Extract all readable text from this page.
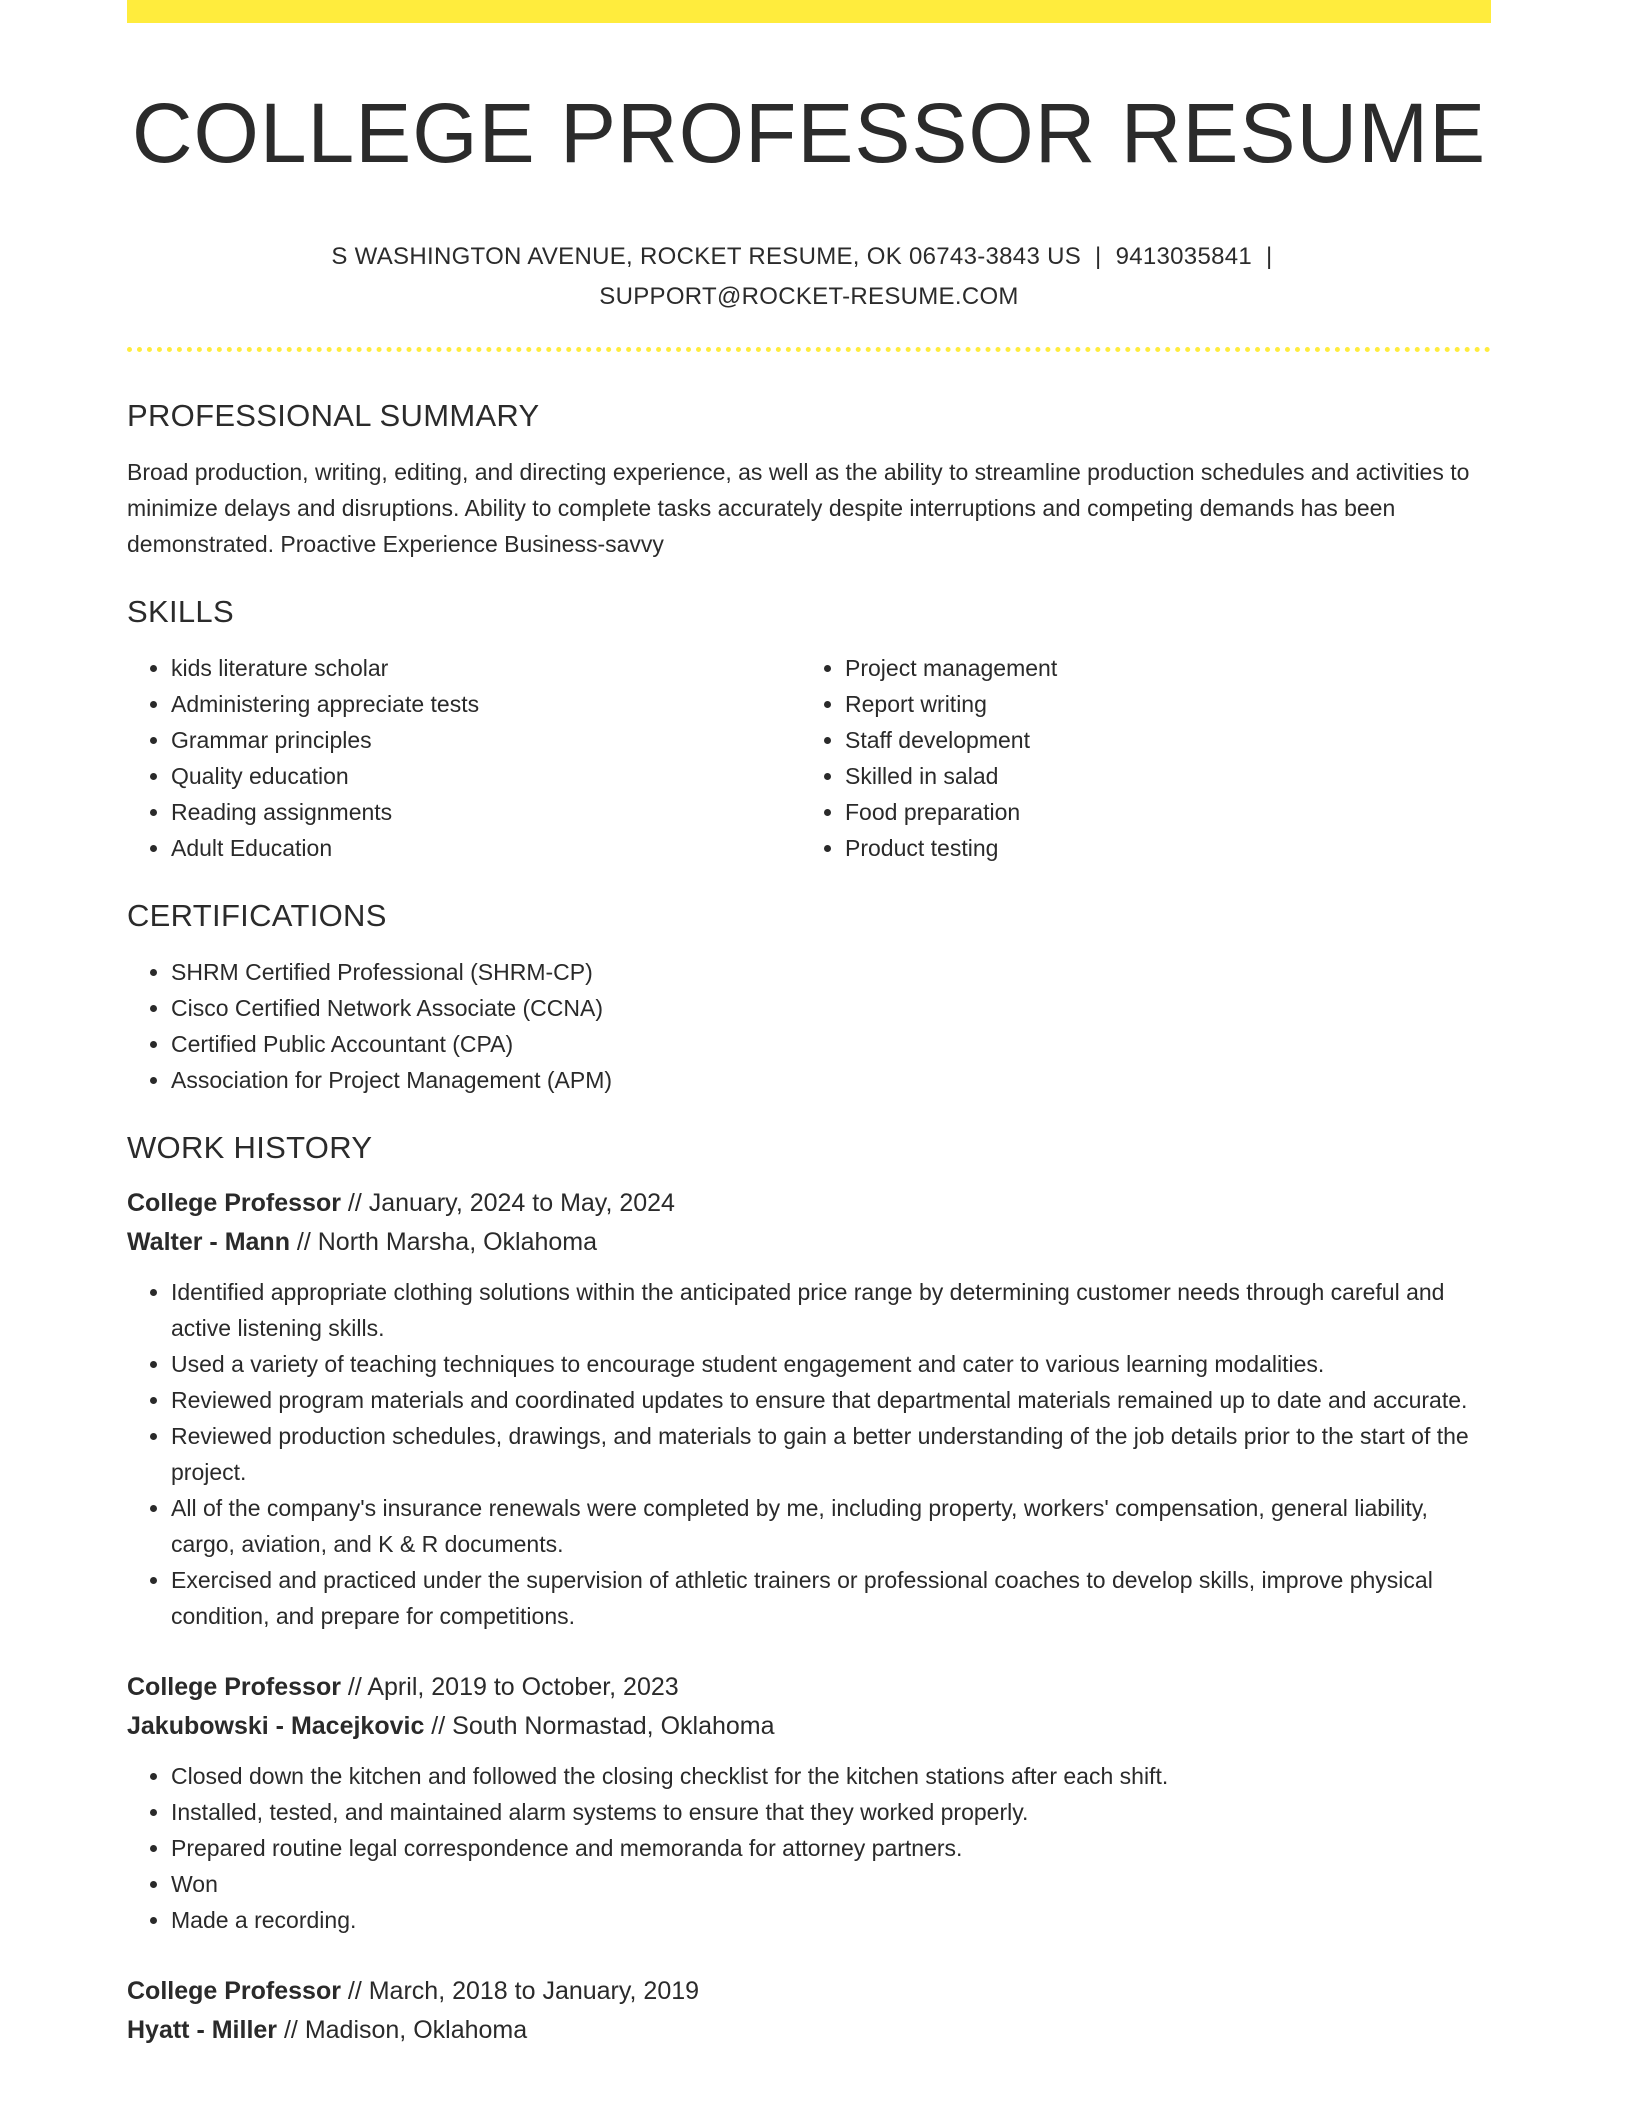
COLLEGE PROFESSOR RESUME
S WASHINGTON AVENUE, ROCKET RESUME, OK 06743-3843 US | 9413035841 |
SUPPORT@ROCKET-RESUME.COM
PROFESSIONAL SUMMARY
Broad production, writing, editing, and directing experience, as well as the ability to streamline production schedules and activities to minimize delays and disruptions. Ability to complete tasks accurately despite interruptions and competing demands has been demonstrated. Proactive Experience Business-savvy
SKILLS
• kids literature scholar
• Administering appreciate tests
• Grammar principles
• Quality education
• Reading assignments
• Adult Education
• Project management
• Report writing
• Staff development
• Skilled in salad
• Food preparation
• Product testing
CERTIFICATIONS
• SHRM Certified Professional (SHRM-CP)
• Cisco Certified Network Associate (CCNA)
• Certified Public Accountant (CPA)
• Association for Project Management (APM)
WORK HISTORY
College Professor // January, 2024 to May, 2024
Walter - Mann // North Marsha, Oklahoma
• Identified appropriate clothing solutions within the anticipated price range by determining customer needs through careful and active listening skills.
• Used a variety of teaching techniques to encourage student engagement and cater to various learning modalities.
• Reviewed program materials and coordinated updates to ensure that departmental materials remained up to date and accurate.
• Reviewed production schedules, drawings, and materials to gain a better understanding of the job details prior to the start of the project.
• All of the company's insurance renewals were completed by me, including property, workers' compensation, general liability, cargo, aviation, and K & R documents.
• Exercised and practiced under the supervision of athletic trainers or professional coaches to develop skills, improve physical condition, and prepare for competitions.
College Professor // April, 2019 to October, 2023
Jakubowski - Macejkovic // South Normastad, Oklahoma
• Closed down the kitchen and followed the closing checklist for the kitchen stations after each shift.
• Installed, tested, and maintained alarm systems to ensure that they worked properly.
• Prepared routine legal correspondence and memoranda for attorney partners.
• Won
• Made a recording.
College Professor // March, 2018 to January, 2019
Hyatt - Miller // Madison, Oklahoma
